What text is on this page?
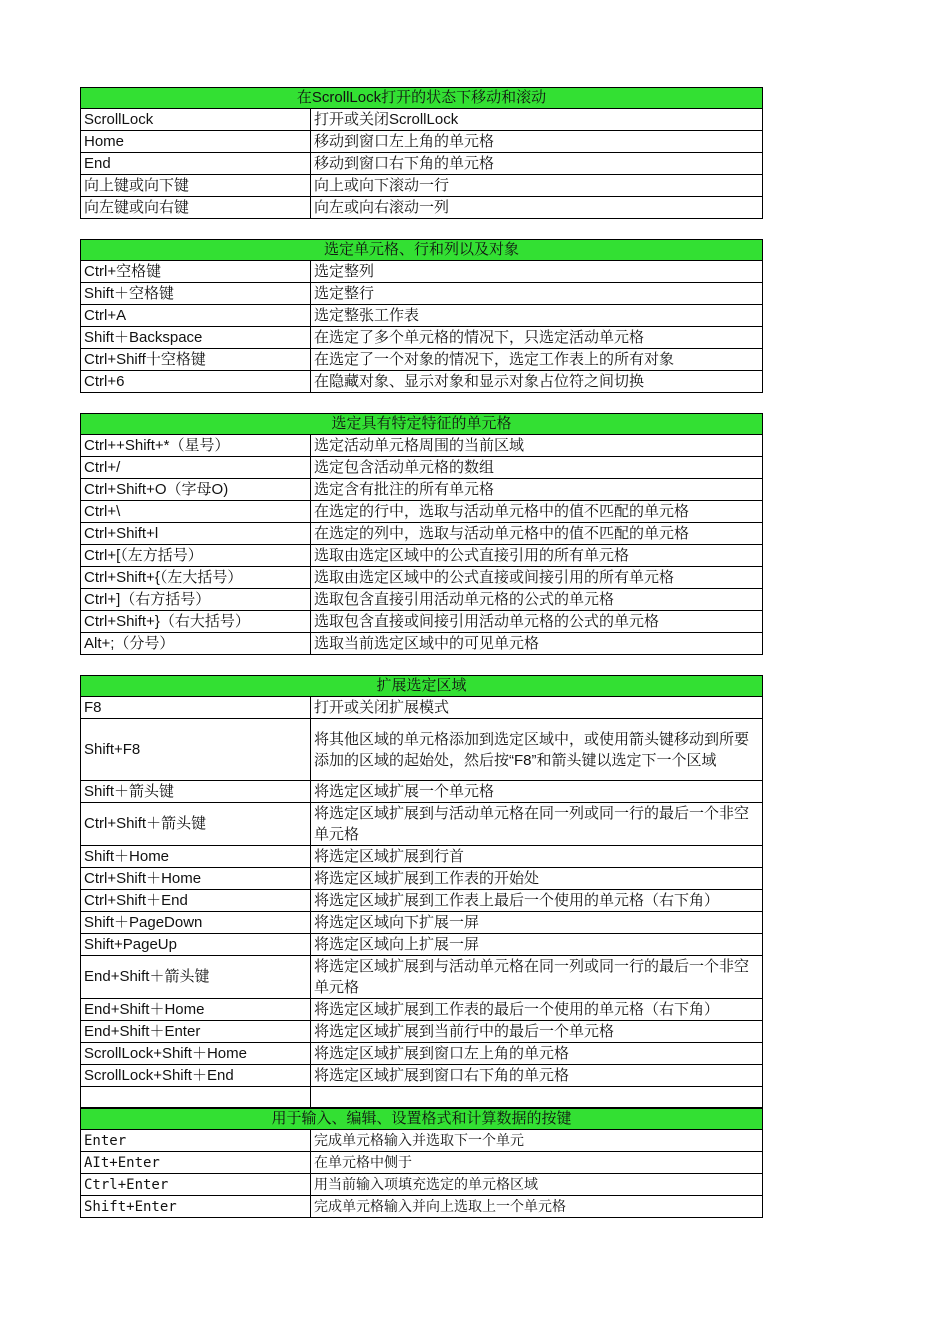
在ScrollLock打开的状态下移动和滚动	
ScrollLock	打开或关闭ScrollLock
Home	移动到窗口左上角的单元格
End	移动到窗口右下角的单元格
向上键或向下键	向上或向下滚动一行
向左键或向右键	向左或向右滚动一列
选定单元格、行和列以及对象	
Ctrl+空格键	选定整列
Shift＋空格键	选定整行
Ctrl+A	选定整张工作表
Shift＋Backspace	在选定了多个单元格的情况下，只选定活动单元格
Ctrl+Shiff十空格键	在选定了一个对象的情况下，选定工作表上的所有对象
Ctrl+6	在隐藏对象、显示对象和显示对象占位符之间切换
选定具有特定特征的单元格	
Ctrl++Shift+*（星号）	选定活动单元格周围的当前区域
Ctrl+/	选定包含活动单元格的数组
Ctrl+Shift+O（字母O)	选定含有批注的所有单元格
Ctrl+\	在选定的行中，选取与活动单元格中的值不匹配的单元格
Ctrl+Shift+l	在选定的列中，选取与活动单元格中的值不匹配的单元格
Ctrl+[（左方括号）	选取由选定区域中的公式直接引用的所有单元格
Ctrl+Shift+{（左大括号）	选取由选定区域中的公式直接或间接引用的所有单元格
Ctrl+]（右方括号）	选取包含直接引用活动单元格的公式的单元格
Ctrl+Shift+}（右大括号）	选取包含直接或间接引用活动单元格的公式的单元格
Alt+;（分号）	选取当前选定区域中的可见单元格
扩展选定区域	
F8	打开或关闭扩展模式
Shift+F8	将其他区域的单元格添加到选定区域中，或使用箭头键移动到所要添加的区域的起始处，然后按“F8”和箭头键以选定下一个区域
Shift＋箭头键	将选定区域扩展一个单元格
Ctrl+Shift＋箭头键	将选定区域扩展到与活动单元格在同一列或同一行的最后一个非空单元格
Shift＋Home	将选定区域扩展到行首
Ctrl+Shift＋Home	将选定区域扩展到工作表的开始处
Ctrl+Shift＋End	将选定区域扩展到工作表上最后一个使用的单元格（右下角）
Shift＋PageDown	将选定区域向下扩展一屏
Shift+PageUp	将选定区域向上扩展一屏
End+Shift＋箭头键	将选定区域扩展到与活动单元格在同一列或同一行的最后一个非空单元格
End+Shift＋Home	将选定区域扩展到工作表的最后一个使用的单元格（右下角）
End+Shift＋Enter	将选定区域扩展到当前行中的最后一个单元格
ScrollLock+Shift＋Home	将选定区域扩展到窗口左上角的单元格
ScrollLock+Shift＋End	将选定区域扩展到窗口右下角的单元格

用于输入、编辑、设置格式和计算数据的按键	
Enter	完成单元格输入并选取下一个单元
AIt+Enter	在单元格中侧于
Ctrl+Enter	用当前输入项填充选定的单元格区域
Shift+Enter	完成单元格输入并向上选取上一个单元格
